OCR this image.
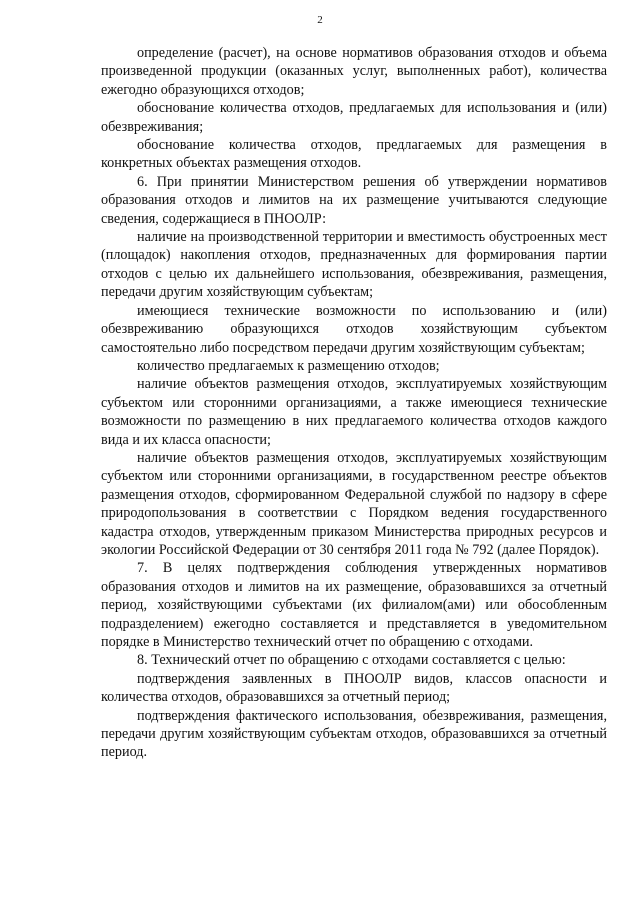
2

определение (расчет), на основе нормативов образования отходов и объема произведенной продукции (оказанных услуг, выполненных работ), количества ежегодно образующихся отходов;

обоснование количества отходов, предлагаемых для использования и (или) обезвреживания;

обоснование количества отходов, предлагаемых для размещения в конкретных объектах размещения отходов.

6. При принятии Министерством решения об утверждении нормативов образования отходов и лимитов на их размещение учитываются следующие сведения, содержащиеся в ПНООЛР:

наличие на производственной территории и вместимость обустроенных мест (площадок) накопления отходов, предназначенных для формирования партии отходов с целью их дальнейшего использования, обезвреживания, размещения, передачи другим хозяйствующим субъектам;

имеющиеся технические возможности по использованию и (или) обезвреживанию образующихся отходов хозяйствующим субъектом самостоятельно либо посредством передачи другим хозяйствующим субъектам;

количество предлагаемых к размещению отходов;

наличие объектов размещения отходов, эксплуатируемых хозяйствующим субъектом или сторонними организациями, а также имеющиеся технические возможности по размещению в них предлагаемого количества отходов каждого вида и их класса опасности;

наличие объектов размещения отходов, эксплуатируемых хозяйствующим субъектом или сторонними организациями, в государственном реестре объектов размещения отходов, сформированном Федеральной службой по надзору в сфере природопользования в соответствии с Порядком ведения государственного кадастра отходов, утвержденным приказом Министерства природных ресурсов и экологии Российской Федерации от 30 сентября 2011 года № 792 (далее Порядок).

7. В целях подтверждения соблюдения утвержденных нормативов образования отходов и лимитов на их размещение, образовавшихся за отчетный период, хозяйствующими субъектами (их филиалом(ами) или обособленным подразделением) ежегодно составляется и представляется в уведомительном порядке в Министерство технический отчет по обращению с отходами.

8. Технический отчет по обращению с отходами составляется с целью:

подтверждения заявленных в ПНООЛР видов, классов опасности и количества отходов, образовавшихся за отчетный период;

подтверждения фактического использования, обезвреживания, размещения, передачи другим хозяйствующим субъектам отходов, образовавшихся за отчетный период.
